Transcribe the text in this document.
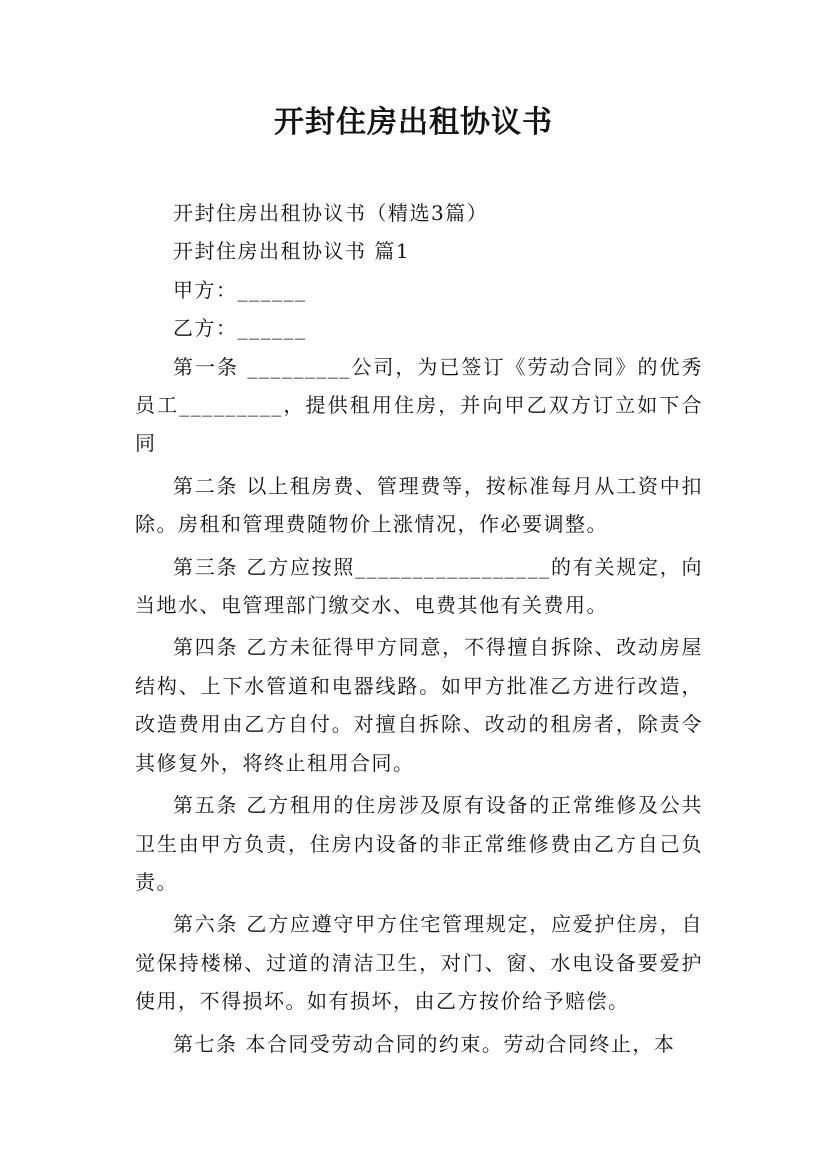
开封住房出租协议书

开封住房出租协议书（精选3篇）

开封住房出租协议书 篇1

甲方：______

乙方：______

第一条 _________公司，为已签订《劳动合同》的优秀员工_________，提供租用住房，并向甲乙双方订立如下合同

第二条 以上租房费、管理费等，按标准每月从工资中扣除。房租和管理费随物价上涨情况，作必要调整。

第三条 乙方应按照_________________的有关规定，向当地水、电管理部门缴交水、电费其他有关费用。

第四条 乙方未征得甲方同意，不得擅自拆除、改动房屋结构、上下水管道和电器线路。如甲方批准乙方进行改造，改造费用由乙方自付。对擅自拆除、改动的租房者，除责令其修复外，将终止租用合同。

第五条 乙方租用的住房涉及原有设备的正常维修及公共卫生由甲方负责，住房内设备的非正常维修费由乙方自己负责。

第六条 乙方应遵守甲方住宅管理规定，应爱护住房，自觉保持楼梯、过道的清洁卫生，对门、窗、水电设备要爱护使用，不得损坏。如有损坏，由乙方按价给予赔偿。

第七条 本合同受劳动合同的约束。劳动合同终止，本
